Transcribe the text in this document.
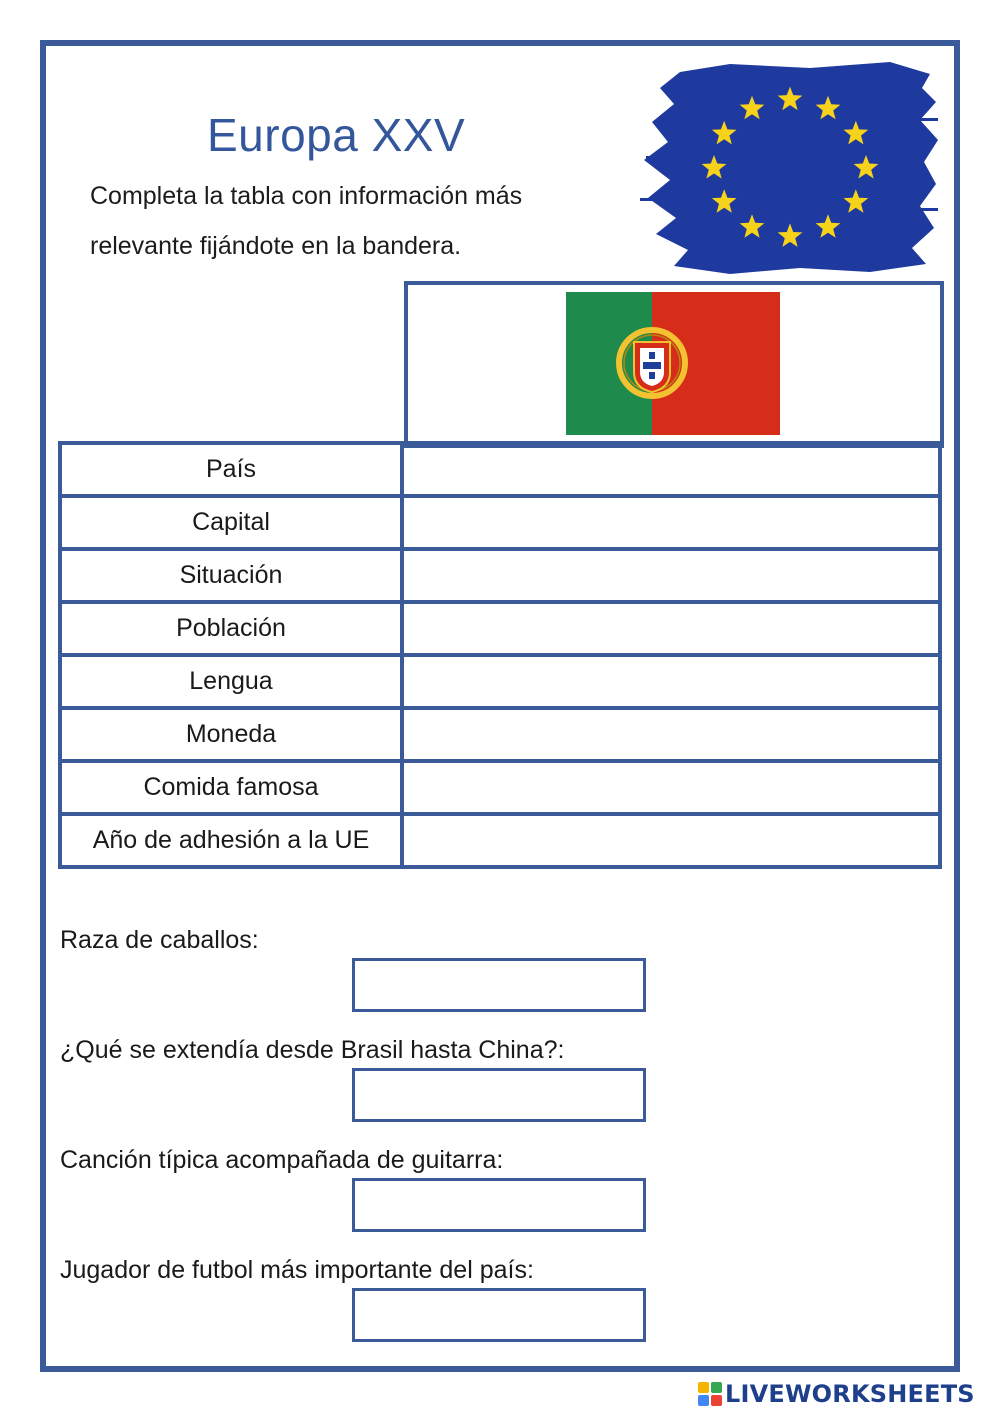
Europa XXV
Completa la tabla con información más
relevante fijándote en la bandera.
País	
Capital	
Situación	
Población	
Lengua	
Moneda	
Comida famosa	
Año de adhesión a la UE	
Raza de caballos:
¿Qué se extendía desde Brasil hasta China?:
Canción típica acompañada de guitarra:
Jugador de futbol más importante del país:
LIVEWORKSHEETS
